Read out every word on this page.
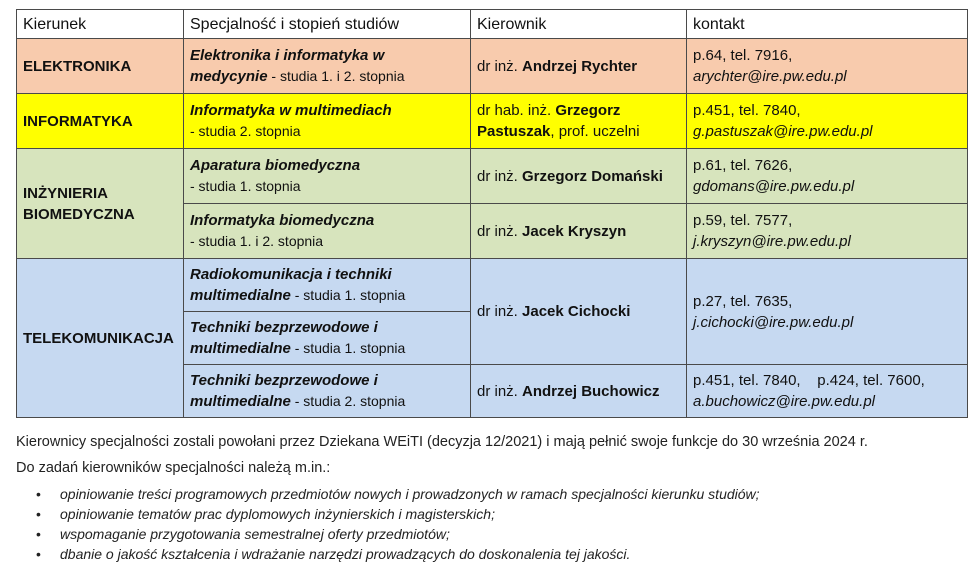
Kierunek	Specjalność i stopień studiów	Kierownik	kontakt
ELEKTRONIKA	Elektronika i informatyka w medycynie - studia 1. i 2. stopnia	dr inż. Andrzej Rychter	p.64, tel. 7916,
arychter@ire.pw.edu.pl

INFORMATYKA	Informatyka w multimediach
- studia 2. stopnia	dr hab. inż. Grzegorz Pastuszak, prof. uczelni	p.451, tel. 7840,
g.pastuszak@ire.pw.edu.pl

INŻYNIERIA BIOMEDYCZNA	Aparatura biomedyczna
- studia 1. stopnia	dr inż. Grzegorz Domański	p.61, tel. 7626,
gdomans@ire.pw.edu.pl

	Informatyka biomedyczna
- studia 1. i 2. stopnia	dr inż. Jacek Kryszyn	p.59, tel. 7577,
j.kryszyn@ire.pw.edu.pl

TELEKOMUNIKACJA	Radiokomunikacja i techniki multimedialne - studia 1. stopnia	dr inż. Jacek Cichocki	p.27, tel. 7635,
j.cichocki@ire.pw.edu.pl

	Techniki bezprzewodowe i multimedialne - studia 1. stopnia		
	Techniki bezprzewodowe i multimedialne - studia 2. stopnia	dr inż. Andrzej Buchowicz	p.451, tel. 7840,    p.424, tel. 7600,
a.buchowicz@ire.pw.edu.pl

Kierownicy specjalności zostali powołani przez Dziekana WEiTI (decyzja 12/2021) i mają pełnić swoje funkcje do 30 września 2024 r.

Do zadań kierowników specjalności należą m.in.:

• opiniowanie treści programowych przedmiotów nowych i prowadzonych w ramach specjalności kierunku studiów;
• opiniowanie tematów prac dyplomowych inżynierskich i magisterskich;
• wspomaganie przygotowania semestralnej oferty przedmiotów;
• dbanie o jakość kształcenia i wdrażanie narzędzi prowadzących do doskonalenia tej jakości.
